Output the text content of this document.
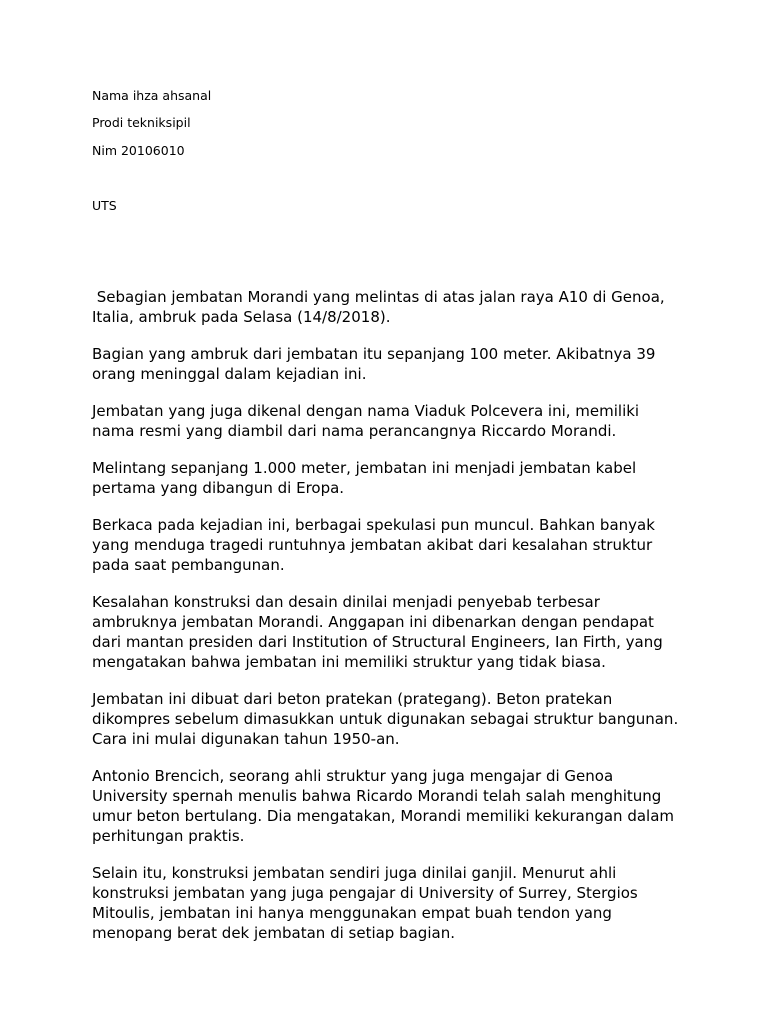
Nama ihza ahsanal
Prodi tekniksipil
Nim 20106010
UTS

Sebagian jembatan Morandi yang melintas di atas jalan raya A10 di Genoa, Italia, ambruk pada Selasa (14/8/2018).

Bagian yang ambruk dari jembatan itu sepanjang 100 meter. Akibatnya 39 orang meninggal dalam kejadian ini.

Jembatan yang juga dikenal dengan nama Viaduk Polcevera ini, memiliki nama resmi yang diambil dari nama perancangnya Riccardo Morandi.

Melintang sepanjang 1.000 meter, jembatan ini menjadi jembatan kabel pertama yang dibangun di Eropa.

Berkaca pada kejadian ini, berbagai spekulasi pun muncul. Bahkan banyak yang menduga tragedi runtuhnya jembatan akibat dari kesalahan struktur pada saat pembangunan.

Kesalahan konstruksi dan desain dinilai menjadi penyebab terbesar ambruknya jembatan Morandi. Anggapan ini dibenarkan dengan pendapat dari mantan presiden dari Institution of Structural Engineers, Ian Firth, yang mengatakan bahwa jembatan ini memiliki struktur yang tidak biasa.

Jembatan ini dibuat dari beton pratekan (prategang). Beton pratekan dikompres sebelum dimasukkan untuk digunakan sebagai struktur bangunan. Cara ini mulai digunakan tahun 1950-an.

Antonio Brencich, seorang ahli struktur yang juga mengajar di Genoa University spernah menulis bahwa Ricardo Morandi telah salah menghitung umur beton bertulang. Dia mengatakan, Morandi memiliki kekurangan dalam perhitungan praktis.

Selain itu, konstruksi jembatan sendiri juga dinilai ganjil. Menurut ahli konstruksi jembatan yang juga pengajar di University of Surrey, Stergios Mitoulis, jembatan ini hanya menggunakan empat buah tendon yang menopang berat dek jembatan di setiap bagian.
